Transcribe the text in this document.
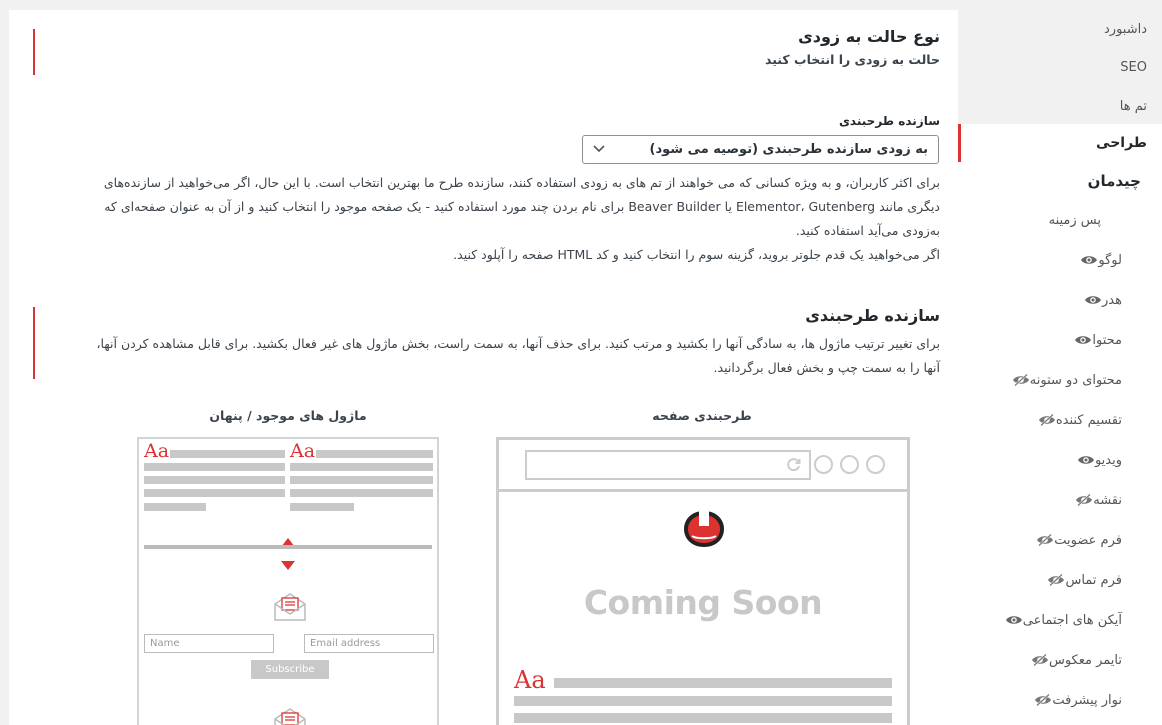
داشبورد
SEO
تم ها
طراحی
چیدمان
پس زمینه
لوگو
هدر
محتوا
محتوای دو ستونه
تقسیم کننده
ویدیو
نقشه
فرم عضویت
فرم تماس
آیکن های اجتماعی
تایمر معکوس
نوار پیشرفت
نوع حالت به زودی
حالت به زودی را انتخاب کنید
سازنده طرحبندی
به زودی سازنده طرحبندی (توصیه می شود)
برای اکثر کاربران، و به ویژه کسانی که می خواهند از تم های به زودی استفاده کنند، سازنده طرح ما بهترین انتخاب است. با این حال، اگر می‌خواهید از سازنده‌های
دیگری مانند Elementor، Gutenberg یا Beaver Builder برای نام بردن چند مورد استفاده کنید - یک صفحه موجود را انتخاب کنید و از آن به عنوان صفحه‌ای که
به‌زودی می‌آید استفاده کنید.
اگر می‌خواهید یک قدم جلوتر بروید، گزینه سوم را انتخاب کنید و کد HTML صفحه را آپلود کنید.
سازنده طرحبندی
برای تغییر ترتیب ماژول ها، به سادگی آنها را بکشید و مرتب کنید. برای حذف آنها، به سمت راست، بخش ماژول های غیر فعال بکشید. برای قابل مشاهده کردن آنها،
آنها را به سمت چپ و بخش فعال برگردانید.
طرحبندی صفحه
ماژول های موجود / پنهان
Coming Soon
Aa
Aa	Aa
Name	Email address
Subscribe
